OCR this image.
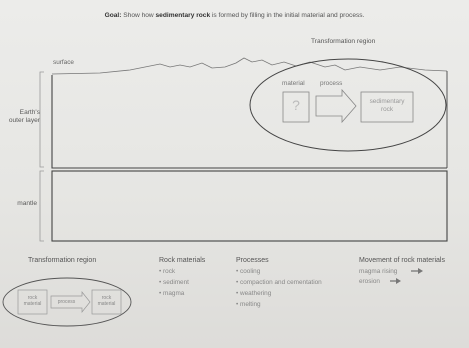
Goal: Show how sedimentary rock is formed by filling in the initial material and process.
Transformation region
surface
Earth's
outer layer
mantle
material process
?	sedimentary
rock
Transformation region
rock
material	process
rock
material
Rock materials
• rock
• sediment
• magma
Processes
• cooling
• compaction and cementation
• weathering
• melting
Movement of rock materials
magma rising
erosion
